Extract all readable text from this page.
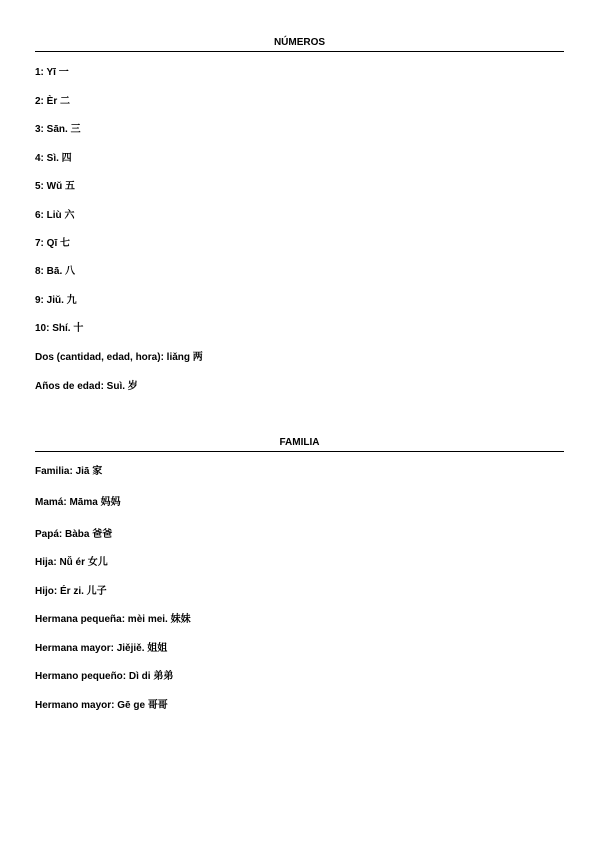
NÚMEROS
1: Yī 一
2: Èr 二
3: Sān. 三
4: Sì. 四
5: Wǔ 五
6: Liù 六
7: Qī 七
8: Bā. 八
9: Jiǔ. 九
10: Shí. 十
Dos (cantidad, edad, hora): liǎng 两
Años de edad: Suì. 岁
FAMILIA
Familia: Jiā 家
Mamá: Māma 妈妈
Papá: Bàba 爸爸
Hija: Nǚ ér 女儿
Hijo: Ér zi. 儿子
Hermana pequeña: mèi mei. 妹妹
Hermana mayor: Jiějiě. 姐姐
Hermano pequeño: Dì di 弟弟
Hermano mayor: Gē ge 哥哥
